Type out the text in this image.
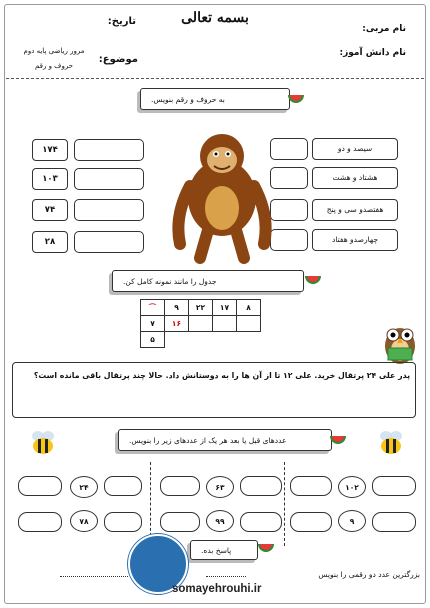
بسمه تعالی
تاریخ:
نام مربی:
نام دانش آموز:
موضوع:
مرور ریاضی پایه دوم
حروف و رقم
به حروف و رقم بنویس.
۱۷۴
۱۰۳
۷۴
۲۸
سیصد و دو
هشتاد و هشت
هفتصدو سی و پنج
چهارصدو هفتاد
جدول را مانند نمونه کامل کن.
⌒	۹	۲۲	۱۷	۸
۷	۱۶			
۵				
پدر علی ۲۴ پرتقال خرید. علی ۱۲ تا از آن ها را به دوستانش داد. حالا چند پرتقال باقی مانده است؟
عددهای قبل یا بعد هر یک از عددهای زیر را بنویس.
۲۴
۷۸
۶۳
۹۹
۱۰۲
۹
پاسخ بده.
بزرگترین عدد دو رقمی را بنویس
somayehrouhi.ir
